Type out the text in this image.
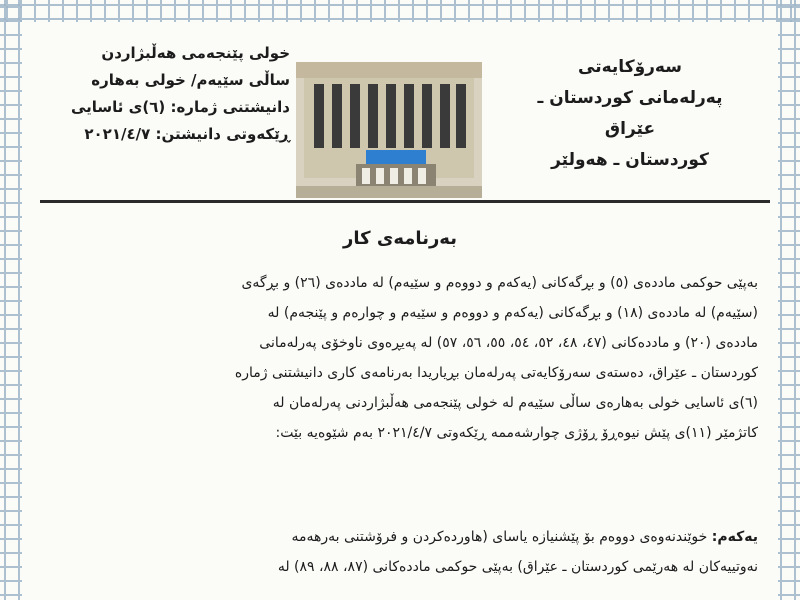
سەرۆکایەتی
پەرلەمانی کوردستان ـ عێراق
کوردستان ـ هەولێر
خولی پێنجەمی هەڵبژاردن
ساڵی سێیەم/ خولی بەهارە
دانیشتنی ژمارە: (٦)ی ئاسایی
ڕێکەوتی دانیشتن: ٢٠٢١/٤/٧
بەرنامەی کار
بەپێی حوکمی ماددەی (٥) و بڕگەکانی (یەکەم و دووەم و سێیەم) لە ماددەی (٢٦) و بڕگەی
(سێیەم) لە ماددەی (١٨) و بڕگەکانی (یەکەم و دووەم و سێیەم و چوارەم و پێنجەم) لە
ماددەی (٢٠) و ماددەکانی (٤٧، ٤٨، ٥٢، ٥٤، ٥٥، ٥٦، ٥٧) لە پەیڕەوی ناوخۆی پەرلەمانی
کوردستان ـ عێراق، دەستەی سەرۆکایەتی پەرلەمان بڕیاریدا بەرنامەی کاری دانیشتنی ژمارە
(٦)ی ئاسایی خولی بەهارەی ساڵی سێیەم لە خولی پێنجەمی هەڵبژاردنی پەرلەمان لە
کاتژمێر (١١)ی پێش نیوەڕۆ ڕۆژی چوارشەممە ڕێکەوتی ٢٠٢١/٤/٧ بەم شێوەیە بێت:
یەکەم: خوێندنەوەی دووەم بۆ پێشنیازە یاسای (هاوردەکردن و فرۆشتنی بەرهەمە
نەوتییەکان لە هەرێمی کوردستان ـ عێراق) بەپێی حوکمی ماددەکانی (٨٧، ٨٨، ٨٩) لە
